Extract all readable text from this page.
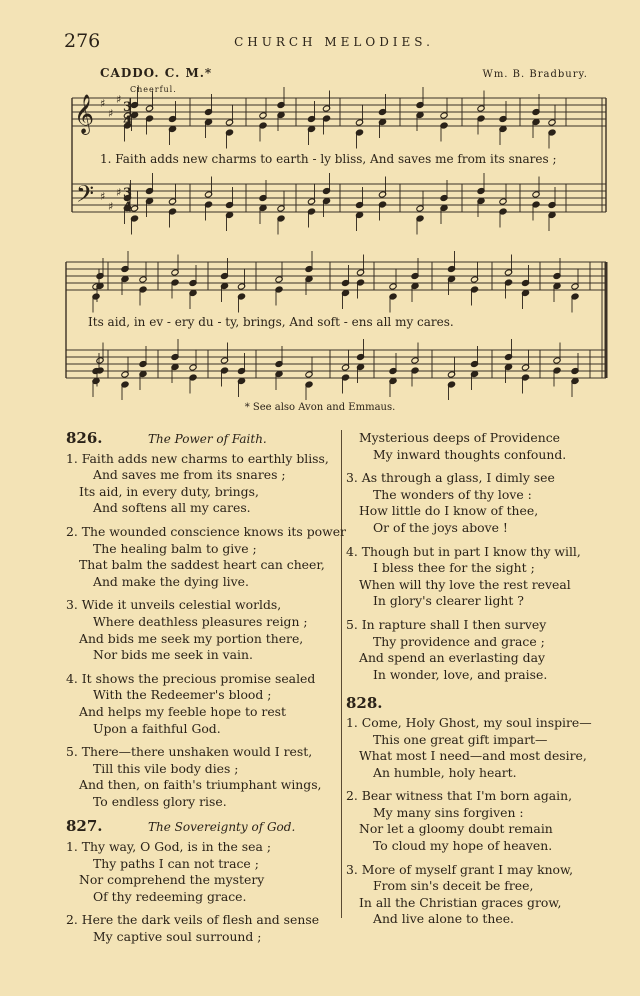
276	CHURCH MELODIES.
CADDO. C. M.*	Wm. B. Bradbury.
Cheerful.
𝄞
𝄢
♯
♯
♯
♯
♯
♯
3
4
3
4
1. Faith adds new charms to earth - ly bliss, And saves me from its snares ;
Its aid, in ev - ery du - ty, brings, And soft - ens all my cares.
* See also Avon and Emmaus.
826.	The Power of Faith.
1. Faith adds new charms to earthly bliss,
And saves me from its snares ;
Its aid, in every duty, brings,
And softens all my cares.
2. The wounded conscience knows its power
The healing balm to give ;
That balm the saddest heart can cheer,
And make the dying live.
3. Wide it unveils celestial worlds,
Where deathless pleasures reign ;
And bids me seek my portion there,
Nor bids me seek in vain.
4. It shows the precious promise sealed
With the Redeemer's blood ;
And helps my feeble hope to rest
Upon a faithful God.
5. There—there unshaken would I rest,
Till this vile body dies ;
And then, on faith's triumphant wings,
To endless glory rise.
827.	The Sovereignty of God.
1. Thy way, O God, is in the sea ;
Thy paths I can not trace ;
Nor comprehend the mystery
Of thy redeeming grace.
2. Here the dark veils of flesh and sense
My captive soul surround ;
Mysterious deeps of Providence
My inward thoughts confound.
3. As through a glass, I dimly see
The wonders of thy love :
How little do I know of thee,
Or of the joys above !
4. Though but in part I know thy will,
I bless thee for the sight ;
When will thy love the rest reveal
In glory's clearer light ?
5. In rapture shall I then survey
Thy providence and grace ;
And spend an everlasting day
In wonder, love, and praise.
828.
1. Come, Holy Ghost, my soul inspire—
This one great gift impart—
What most I need—and most desire,
An humble, holy heart.
2. Bear witness that I'm born again,
My many sins forgiven :
Nor let a gloomy doubt remain
To cloud my hope of heaven.
3. More of myself grant I may know,
From sin's deceit be free,
In all the Christian graces grow,
And live alone to thee.
